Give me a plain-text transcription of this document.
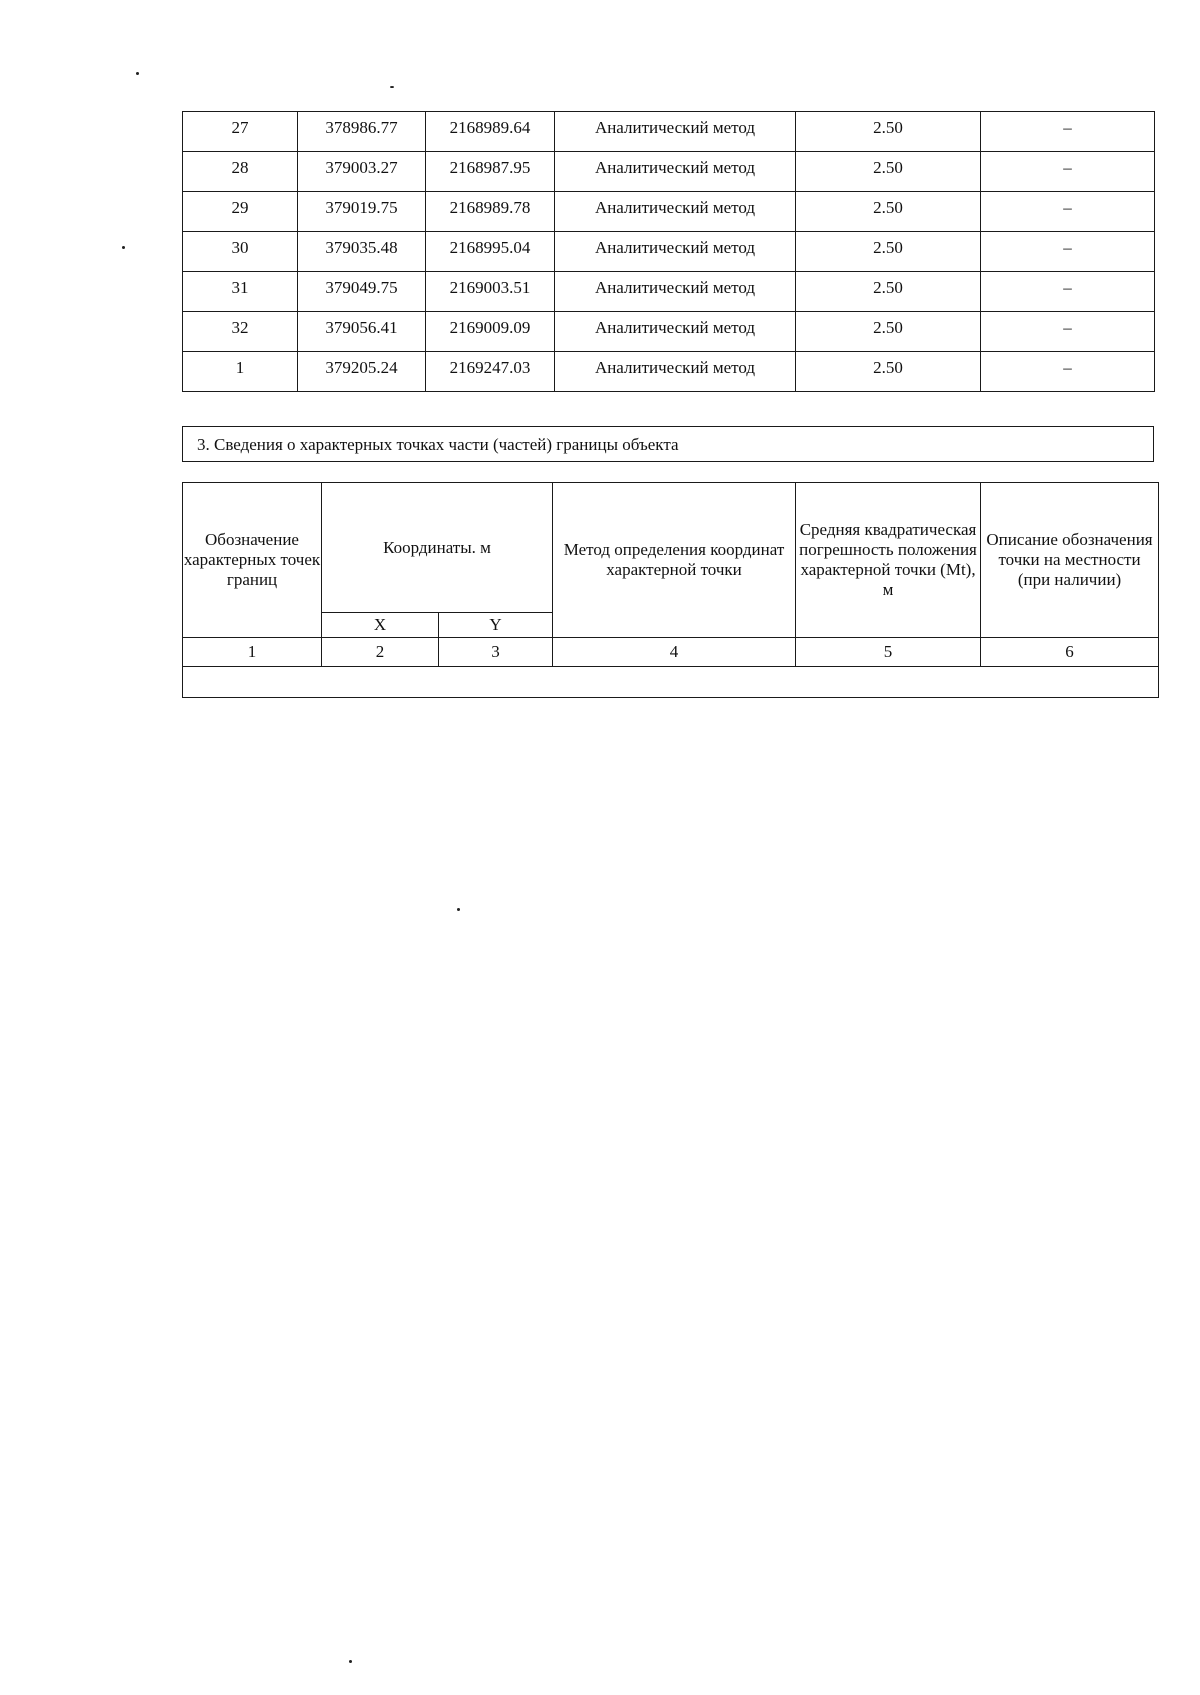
27	378986.77	2168989.64	Аналитический метод	2.50	–
28	379003.27	2168987.95	Аналитический метод	2.50	–
29	379019.75	2168989.78	Аналитический метод	2.50	–
30	379035.48	2168995.04	Аналитический метод	2.50	–
31	379049.75	2169003.51	Аналитический метод	2.50	–
32	379056.41	2169009.09	Аналитический метод	2.50	–
1	379205.24	2169247.03	Аналитический метод	2.50	–
3. Сведения о характерных точках части (частей) границы объекта
Обозначение характерных точек границ	Координаты. м		Метод определения координат характерной точки	Средняя квадратическая погрешность положения характерной точки (Mt), м	Описание обозначения точки на местности (при наличии)
	X	Y			
1	2	3	4	5	6
